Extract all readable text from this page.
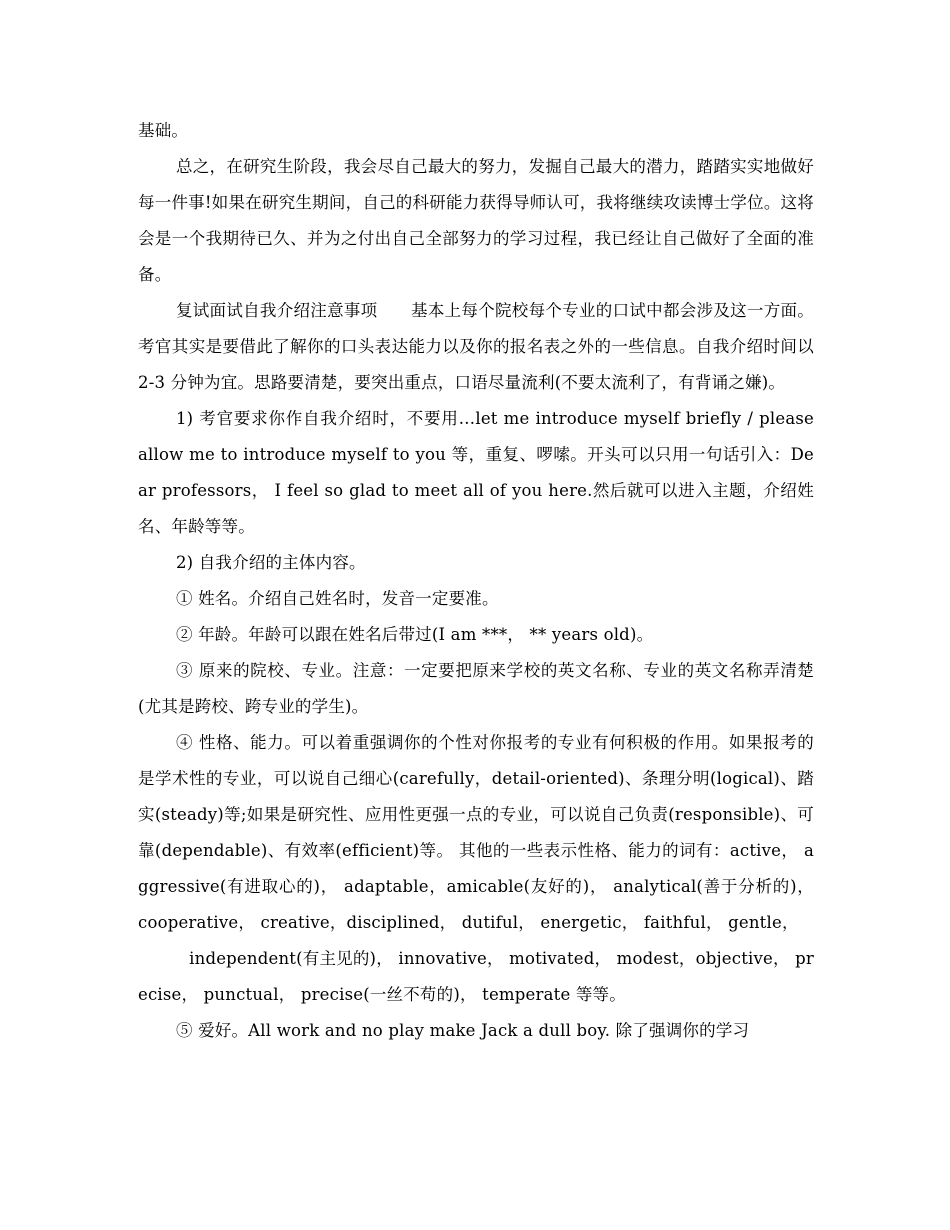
基础。

总之，在研究生阶段，我会尽自己最大的努力，发掘自己最大的潜力，踏踏实实地做好每一件事!如果在研究生期间，自己的科研能力获得导师认可，我将继续攻读博士学位。这将会是一个我期待已久、并为之付出自己全部努力的学习过程，我已经让自己做好了全面的准备。

复试面试自我介绍注意事项　　基本上每个院校每个专业的口试中都会涉及这一方面。考官其实是要借此了解你的口头表达能力以及你的报名表之外的一些信息。自我介绍时间以 2-3 分钟为宜。思路要清楚，要突出重点，口语尽量流利(不要太流利了，有背诵之嫌)。

1) 考官要求你作自我介绍时，不要用…let me introduce myself briefly / please allow me to introduce myself to you 等，重复、啰嗦。开头可以只用一句话引入：Dear professors， I feel so glad to meet all of you here.然后就可以进入主题，介绍姓名、年龄等等。

2) 自我介绍的主体内容。

① 姓名。介绍自己姓名时，发音一定要准。

② 年龄。年龄可以跟在姓名后带过(I am ***， ** years old)。

③ 原来的院校、专业。注意：一定要把原来学校的英文名称、专业的英文名称弄清楚(尤其是跨校、跨专业的学生)。

④ 性格、能力。可以着重强调你的个性对你报考的专业有何积极的作用。如果报考的是学术性的专业，可以说自己细心(carefully，detail-oriented)、条理分明(logical)、踏实(steady)等;如果是研究性、应用性更强一点的专业，可以说自己负责(responsible)、可靠(dependable)、有效率(efficient)等。 其他的一些表示性格、能力的词有：active， aggressive(有进取心的)， adaptable，amicable(友好的)， analytical(善于分析的)， cooperative， creative，disciplined， dutiful， energetic， faithful， gentle，

independent(有主见的)， innovative， motivated， modest，objective， precise， punctual， precise(一丝不苟的)， temperate 等等。

⑤ 爱好。All work and no play make Jack a dull boy. 除了强调你的学习
